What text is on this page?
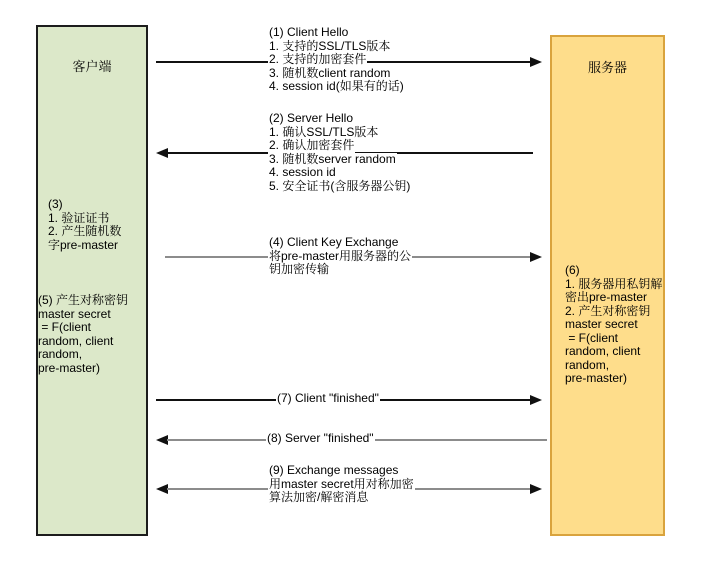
客户端	服务器
(1) Client Hello
1. 支持的SSL/TLS版本
2. 支持的加密套件
3. 随机数client random
4. session id(如果有的话)
(2) Server Hello
1. 确认SSL/TLS版本
2. 确认加密套件
3. 随机数server random
4. session id
5. 安全证书(含服务器公钥)
(4) Client Key Exchange
将pre-master用服务器的公
钥加密传输
(7) Client "finished"
(8) Server "finished"
(9) Exchange messages
用master secret用对称加密
算法加密/解密消息
(3)
1. 验证证书
2. 产生随机数
字pre-master
(5) 产生对称密钥
master secret
= F(client
random, client
random,
pre-master)
(6)
1. 服务器用私钥解
密出pre-master
2. 产生对称密钥
master secret
= F(client
random, client
random,
pre-master)
